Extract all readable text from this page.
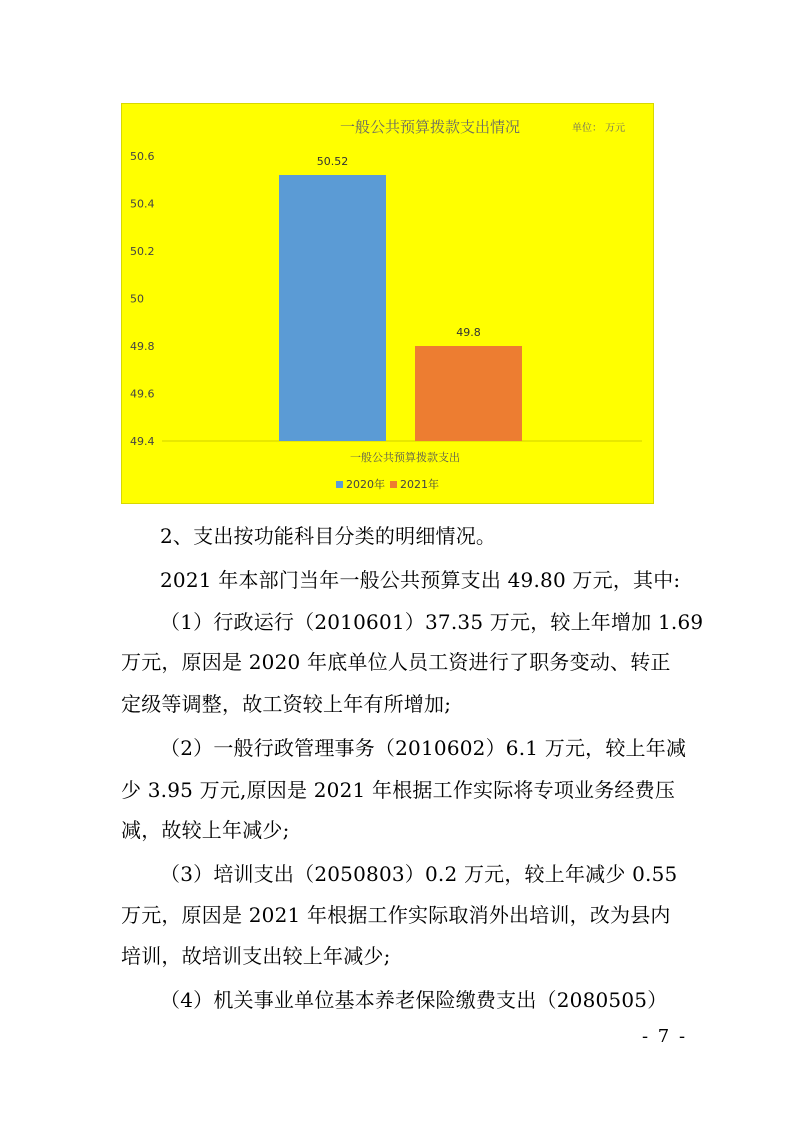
一般公共预算拨款支出情况	单位： 万元
50.6
50.4
50.2
50
49.8
49.6
49.4
50.52
49.8
一般公共预算拨款支出
2020年 2021年
2、支出按功能科目分类的明细情况。
2021 年本部门当年一般公共预算支出 49.80 万元，其中:
（1）行政运行（2010601）37.35 万元，较上年增加 1.69
万元，原因是 2020 年底单位人员工资进行了职务变动、转正
定级等调整，故工资较上年有所增加;
（2）一般行政管理事务（2010602）6.1 万元，较上年减
少 3.95 万元,原因是 2021 年根据工作实际将专项业务经费压
减，故较上年减少;
（3）培训支出（2050803）0.2 万元，较上年减少 0.55
万元，原因是 2021 年根据工作实际取消外出培训，改为县内
培训，故培训支出较上年减少;
（4）机关事业单位基本养老保险缴费支出（2080505）
- 7 -
